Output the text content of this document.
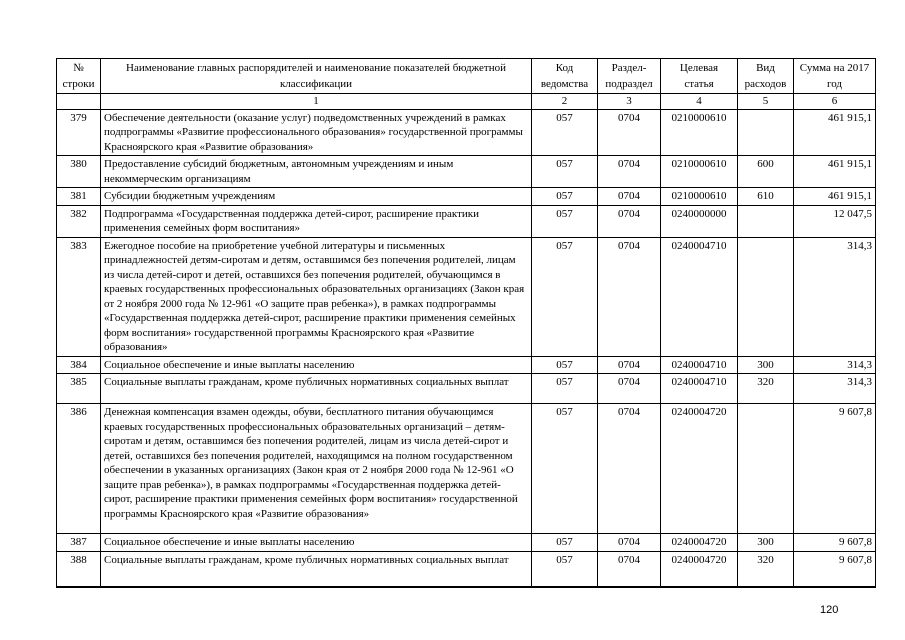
№ строки	Наименование главных распорядителей и наименование показателей бюджетной классификации	Код ведомства	Раздел-подраздел	Целевая статья	Вид расходов	Сумма на 2017 год
	1	2	3	4	5	6
379	Обеспечение деятельности (оказание услуг) подведомственных учреждений в рамках подпрограммы «Развитие профессионального образования» государственной программы Красноярского края «Развитие образования»	057	0704	0210000610		461 915,1
380	Предоставление субсидий бюджетным, автономным учреждениям и иным некоммерческим организациям	057	0704	0210000610	600	461 915,1
381	Субсидии бюджетным учреждениям	057	0704	0210000610	610	461 915,1
382	Подпрограмма «Государственная поддержка детей-сирот, расширение практики применения семейных форм воспитания»	057	0704	0240000000		12 047,5
383	Ежегодное пособие на приобретение учебной литературы и письменных принадлежностей детям-сиротам и детям, оставшимся без попечения родителей, лицам из числа детей-сирот и детей, оставшихся без попечения родителей, обучающимся в краевых государственных профессиональных образовательных организациях (Закон края от 2 ноября 2000 года № 12-961 «О защите прав ребенка»), в рамках подпрограммы «Государственная поддержка детей-сирот, расширение практики применения семейных форм воспитания» государственной программы Красноярского края «Развитие образования»	057	0704	0240004710		314,3
384	Социальное обеспечение и иные выплаты населению	057	0704	0240004710	300	314,3
385	Социальные выплаты гражданам, кроме публичных нормативных социальных выплат	057	0704	0240004710	320	314,3
386	Денежная компенсация взамен одежды, обуви, бесплатного питания обучающимся краевых государственных профессиональных образовательных организаций – детям-сиротам и детям, оставшимся без попечения родителей, лицам из числа детей-сирот и детей, оставшихся без попечения родителей, находящимся на полном государственном обеспечении в указанных организациях (Закон края от 2 ноября 2000 года № 12-961 «О защите прав ребенка»), в рамках подпрограммы «Государственная поддержка детей-сирот, расширение практики применения семейных форм воспитания» государственной программы Красноярского края «Развитие образования»	057	0704	0240004720		9 607,8
387	Социальное обеспечение и иные выплаты населению	057	0704	0240004720	300	9 607,8
388	Социальные выплаты гражданам, кроме публичных нормативных социальных выплат	057	0704	0240004720	320	9 607,8
120
